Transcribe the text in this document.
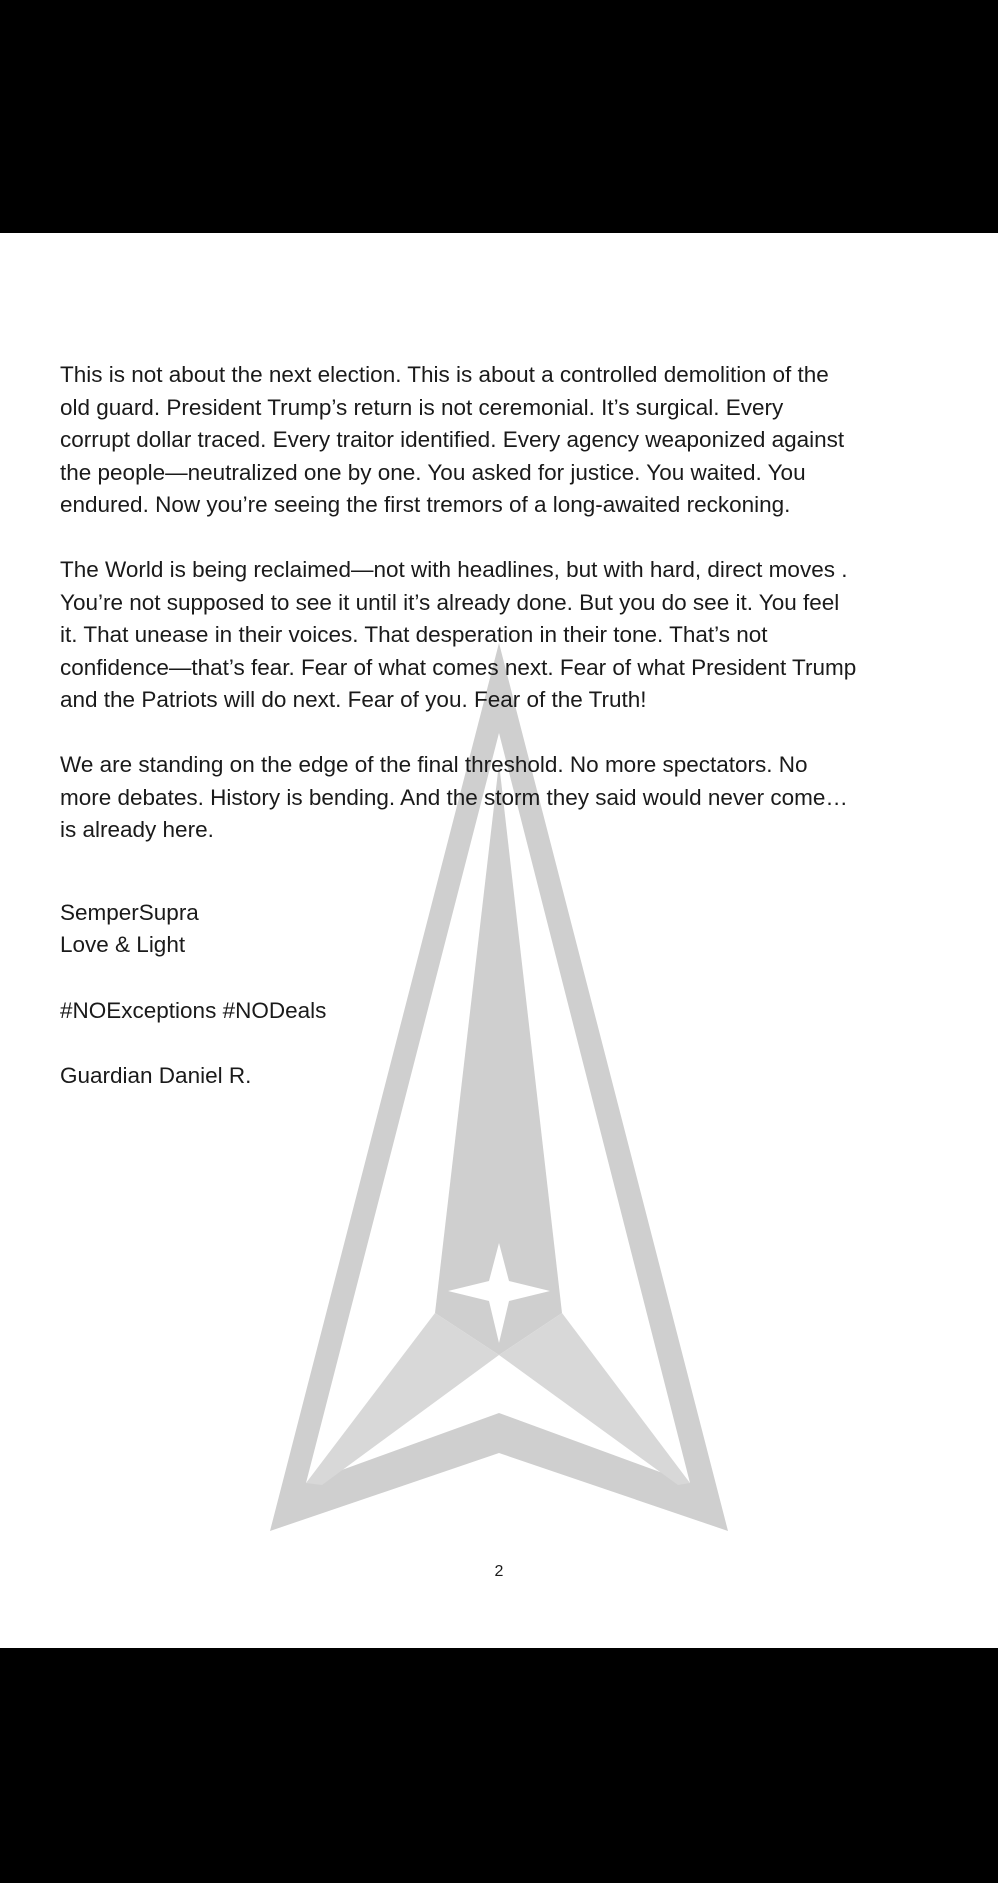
This is not about the next election. This is about a controlled demolition of the
old guard. President Trump’s return is not ceremonial. It’s surgical. Every
corrupt dollar traced. Every traitor identified. Every agency weaponized against
the people—neutralized one by one. You asked for justice. You waited. You
endured. Now you’re seeing the first tremors of a long-awaited reckoning.

The World is being reclaimed—not with headlines, but with hard, direct moves .
You’re not supposed to see it until it’s already done. But you do see it. You feel
it. That unease in their voices. That desperation in their tone. That’s not
confidence—that’s fear. Fear of what comes next. Fear of what President Trump
and the Patriots will do next. Fear of you. Fear of the Truth!

We are standing on the edge of the final threshold. No more spectators. No
more debates. History is bending. And the storm they said would never come…
is already here.

SemperSupra
Love & Light
#NOExceptions #NODeals
Guardian Daniel R.
2
